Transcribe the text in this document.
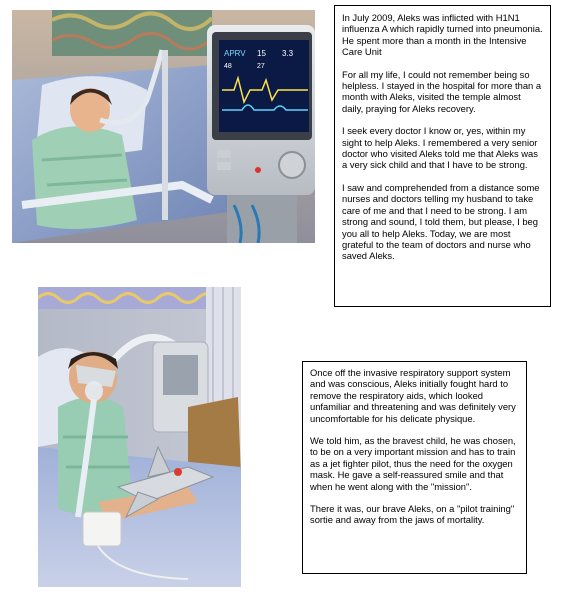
APRV 15 3.3
48	27

In July 2009, Aleks was inflicted with H1N1 influenza A which rapidly turned into pneumonia. He spent more than a month in the Intensive Care Unit

For all my life, I could not remember being so helpless. I stayed in the hospital for more than a month with Aleks, visited the temple almost daily, praying for Aleks recovery.

I seek every doctor I know or, yes, within my sight to help Aleks. I remembered a very senior doctor who visited Aleks told me that Aleks was a very sick child and that I have to be strong.

I saw and comprehended from a distance some nurses and doctors telling my husband to take care of me and that I need to be strong. I am strong and sound, I told them, but please, I beg you all to help Aleks. Today, we are most grateful to the team of doctors and nurse who saved Aleks.

Once off the invasive respiratory support system and was conscious, Aleks initially fought hard to remove the respiratory aids, which looked unfamiliar and threatening and was definitely very uncomfortable for his delicate physique.

We told him, as the bravest child, he was chosen, to be on a very important mission and has to train as a jet fighter pilot, thus the need for the oxygen mask. He gave a self-reassured smile and that when he went along with the "mission".

There it was, our brave Aleks, on a "pilot training" sortie and away from the jaws of mortality.
